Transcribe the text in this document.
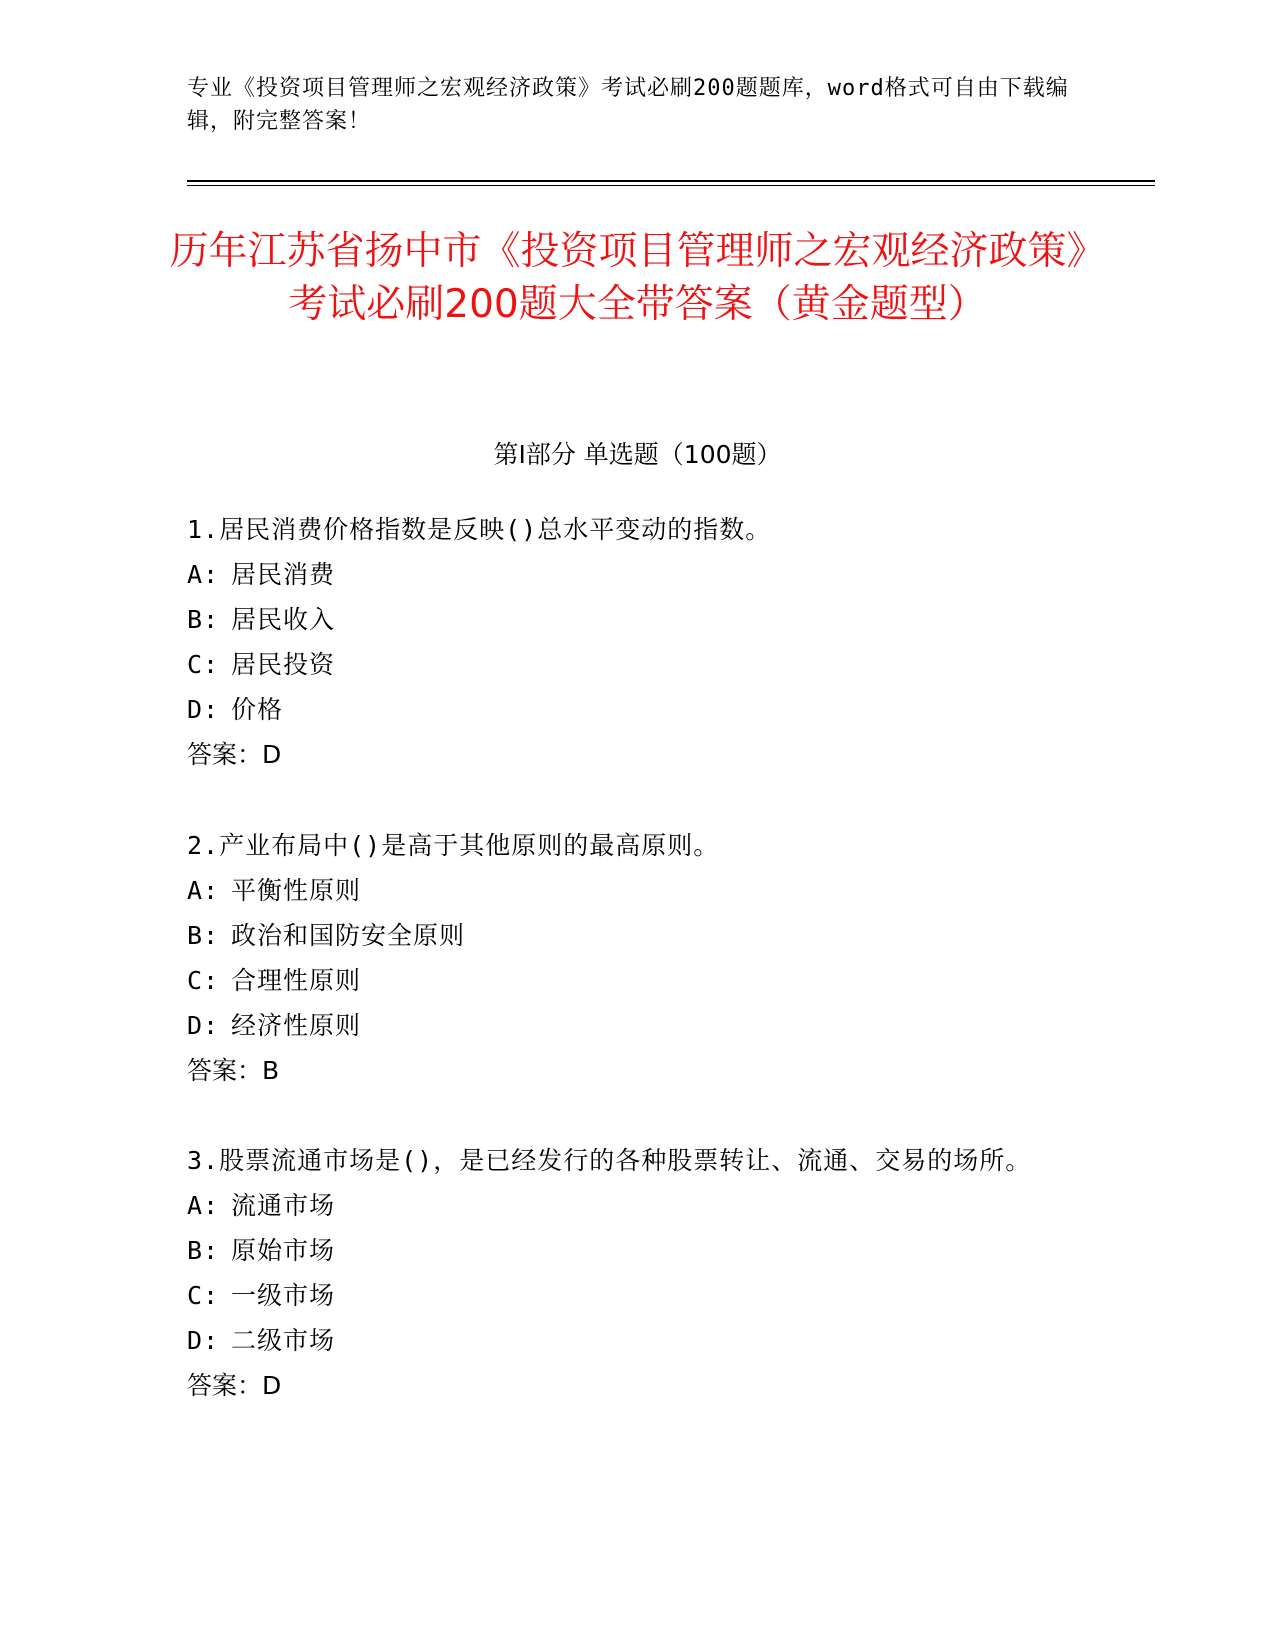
专业《投资项目管理师之宏观经济政策》考试必刷200题题库，word格式可自由下载编辑，附完整答案！
历年江苏省扬中市《投资项目管理师之宏观经济政策》考试必刷200题大全带答案（黄金题型）
第Ⅰ部分 单选题（100题）
1.居民消费价格指数是反映()总水平变动的指数。
A: 居民消费
B: 居民收入
C: 居民投资
D: 价格
答案：D
2.产业布局中()是高于其他原则的最高原则。
A: 平衡性原则
B: 政治和国防安全原则
C: 合理性原则
D: 经济性原则
答案：B
3.股票流通市场是()，是已经发行的各种股票转让、流通、交易的场所。
A: 流通市场
B: 原始市场
C: 一级市场
D: 二级市场
答案：D
